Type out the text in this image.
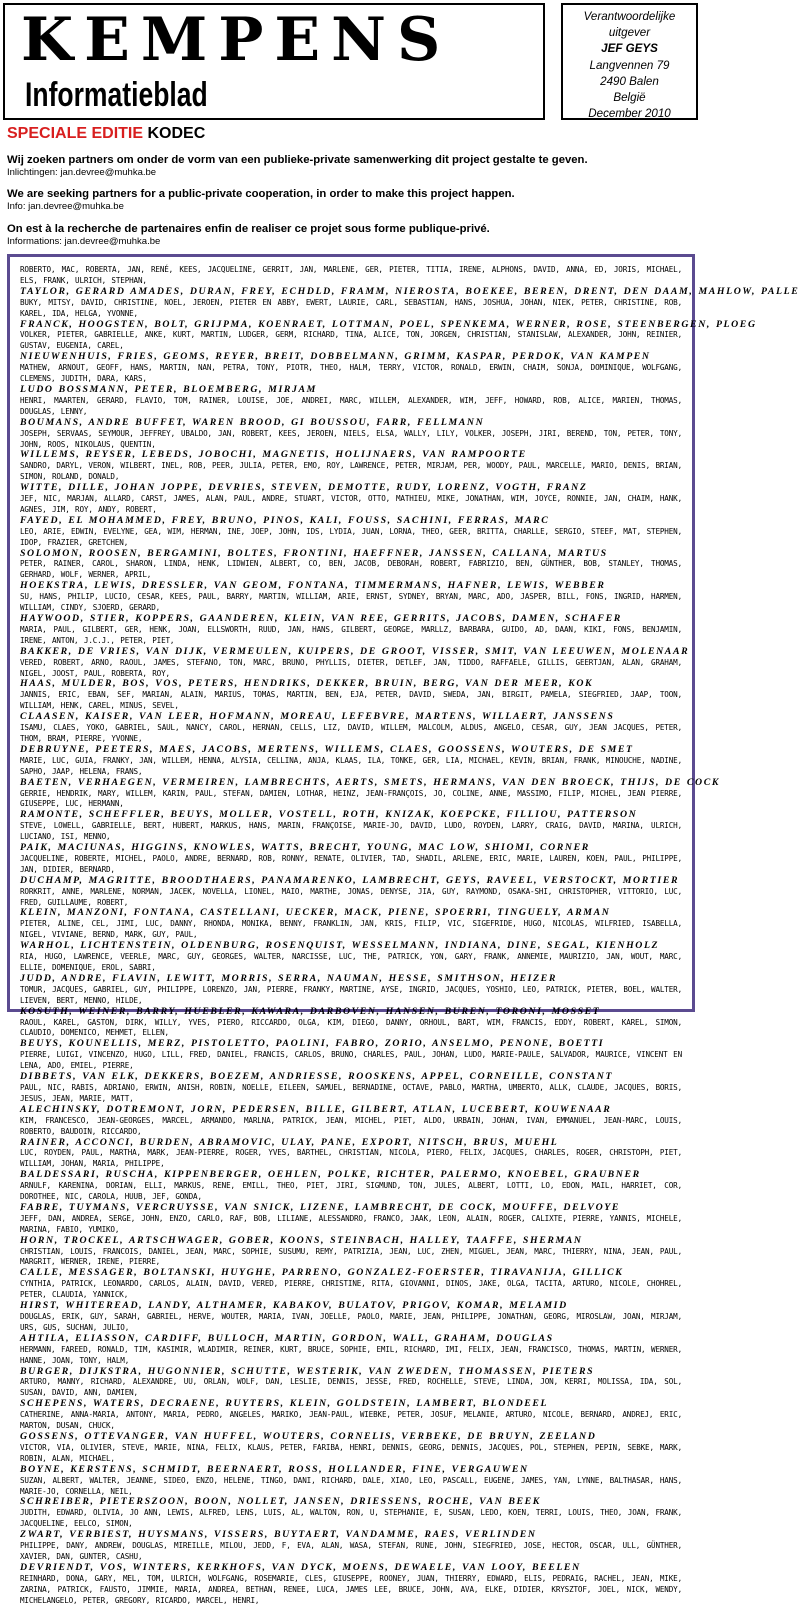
KEMPENS
Informatieblad
Verantwoordelijke uitgever
JEF GEYS
Langvennen 79
2490 Balen
België
December 2010
SPECIALE EDITIE KODEC
Wij zoeken partners om onder de vorm van een publieke-private samenwerking dit project gestalte te geven.
Inlichtingen: jan.devree@muhka.be
We are seeking partners for a public-private cooperation, in order to make this project happen.
Info: jan.devree@muhka.be
On est à la recherche de partenaires enfin de realiser ce projet sous forme publique-privé.
Informations: jan.devree@muhka.be
ROBERTO, MAC, ROBERTA, JAN, RENÉ, KEES, JACQUELINE, GERRIT, JAN, MARLENE, GER, PIETER, TITIA, IRENE, ALPHONS, DAVID, ANNA, ED, JORIS, MICHAEL, ELS, FRANK, ULRICH, STEPHAN,
TAYLOR, GERARD AMADES, DURAN, FREY, ECHDLD, FRAMM, NIEROSTA, BOEKEE, BEREN, DRENT, DEN DAAM, MAHLOW, PALLE
BUKY, MITSY, DAVID, CHRISTINE, NOEL, JEROEN, PIETER EN ABBY, EWERT, LAURIE, CARL, SEBASTIAN, HANS, JOSHUA, JOHAN, NIEK, PETER, CHRISTINE, ROB, KAREL, IDA, HELGA, YVONNE,
FRANCK, HOOGSTEN, BOLT, GRIJPMA, KOENRAET, LOTTMAN, POEL, SPENKEMA, WERNER, ROSE, STEENBERGEN, PLOEG
VOLKER, PIETER, GABRIELLE, ANKE, KURT, MARTIN, LUDGER, GERM, RICHARD, TINA, ALICE, TON, JORGEN, CHRISTIAN, STANISLAW, ALEXANDER, JOHN, REINIER, GUSTAV, EUGENIA, CAREL,
NIEUWENHUIS, FRIES, GEOMS, REYER, BREIT, DOBBELMANN, GRIMM, KASPAR, PERDOK, VAN KAMPEN
MATHEW, ARNOUT, GEOFF, HANS, MARTIN, NAN, PETRA, TONY, PIOTR, THEO, HALM, TERRY, VICTOR, RONALD, ERWIN, CHAIM, SONJA, DOMINIQUE, WOLFGANG, CLEMENS, JUDITH, DARA, KARS,
LUDO BOSSMANN, PETER, BLOEMBERG, MIRJAM
HENRI, MAARTEN, GERARD, FLAVIO, TOM, RAINER, LOUISE, JOE, ANDREI, MARC, WILLEM, ALEXANDER, WIM, JEFF, HOWARD, ROB, ALICE, MARIEN, THOMAS, DOUGLAS, LENNY,
BOUMANS, ANDRE BUFFET, WAREN BROOD, GI BOUSSOU, FARR, FELLMANN
JOSEPH, SERVAAS, SEYMOUR, JEFFREY, UBALDO, JAN, ROBERT, KEES, JEROEN, NIELS, ELSA, WALLY, LILY, VOLKER, JOSEPH, JIRI, BEREND, TON, PETER, TONY, JOHN, ROOS, NIKOLAUS, QUENTIN,
WILLEMS, REYSER, LEBEDS, JOBOCHI, MAGNETIS, HOLIJNAERS, VAN RAMPOORTE
SANDRO, DARYL, VERON, WILBERT, INEL, ROB, PEER, JULIA, PETER, EMO, ROY, LAWRENCE, PETER, MIRJAM, PER, WOODY, PAUL, MARCELLE, MARIO, DENIS, BRIAN, SIMON, ROLAND, DONALD,
WITTE, DILLE, JOHAN JOPPE, DEVRIES, STEVEN, DEMOTTE, RUDY, LORENZ, VOGTH, FRANZ
JEF, NIC, MARJAN, ALLARD, CARST, JAMES, ALAN, PAUL, ANDRE, STUART, VICTOR, OTTO, MATHIEU, MIKE, JONATHAN, WIM, JOYCE, RONNIE, JAN, CHAIM, HANK, AGNES, JIM, ROY, ANDY, ROBERT,
FAYED, EL MOHAMMED, FREY, BRUNO, PINOS, KALI, FOUSS, SACHINI, FERRAS, MARC
LEO, ARIE, EDWIN, EVELYNE, GEA, WIM, HERMAN, INE, JOEP, JOHN, IDS, LYDIA, JUAN, LORNA, THEO, GEER, BRITTA, CHARLLE, SERGIO, STEEF, MAT, STEPHEN, IDOP, FRAZIER, GRETCHEN,
SOLOMON, ROOSEN, BERGAMINI, BOLTES, FRONTINI, HAEFFNER, JANSSEN, CALLANA, MARTUS
PETER, RAINER, CAROL, SHARON, LINDA, HENK, LIDWIEN, ALBERT, CO, BEN, JACOB, DEBORAH, ROBERT, FABRIZIO, BEN, GÜNTHER, BOB, STANLEY, THOMAS, GERHARD, WOLF, WERNER, APRIL,
HOEKSTRA, LEWIS, DRESSLER, VAN GEOM, FONTANA, TIMMERMANS, HAFNER, LEWIS, WEBBER
SU, HANS, PHILIP, LUCIO, CESAR, KEES, PAUL, BARRY, MARTIN, WILLIAM, ARIE, ERNST, SYDNEY, BRYAN, MARC, ADO, JASPER, BILL, FONS, INGRID, HARMEN, WILLIAM, CINDY, SJOERD, GERARD,
HAYWOOD, STIER, KOPPERS, GAANDEREN, KLEIN, VAN REE, GERRITS, JACOBS, DAMEN, SCHAFER
MARIA, PAUL, GILBERT, GER, HENK, JOAN, ELLSWORTH, RUUD, JAN, HANS, GILBERT, GEORGE, MARLLZ, BARBARA, GUIDO, AD, DAAN, KIKI, FONS, BENJAMIN, IRENE, ANTON, J.C.J., PETER, PIET,
BAKKER, DE VRIES, VAN DIJK, VERMEULEN, KUIPERS, DE GROOT, VISSER, SMIT, VAN LEEUWEN, MOLENAAR
VERED, ROBERT, ARNO, RAOUL, JAMES, STEFANO, TON, MARC, BRUNO, PHYLLIS, DIETER, DETLEF, JAN, TIDDO, RAFFAELE, GILLIS, GEERTJAN, ALAN, GRAHAM, NIGEL, JOOST, PAUL, ROBERTA, ROY,
HAAS, MULDER, BOS, VOS, PETERS, HENDRIKS, DEKKER, BRUIN, BERG, VAN DER MEER, KOK
JANNIS, ERIC, EBAN, SEF, MARIAN, ALAIN, MARIUS, TOMAS, MARTIN, BEN, EJA, PETER, DAVID, SWEDA, JAN, BIRGIT, PAMELA, SIEGFRIED, JAAP, TOON, WILLIAM, HENK, CAREL, MINUS, SEVEL,
CLAASEN, KAISER, VAN LEER, HOFMANN, MOREAU, LEFEBVRE, MARTENS, WILLAERT, JANSSENS
ISAMU, CLAES, YOKO, GABRIEL, SAUL, NANCY, CAROL, HERNAN, CELLS, LIZ, DAVID, WILLEM, MALCOLM, ALDUS, ANGELO, CESAR, GUY, JEAN JACQUES, PETER, THOM, BRAM, PIERRE, YVONNE,
DEBRUYNE, PEETERS, MAES, JACOBS, MERTENS, WILLEMS, CLAES, GOOSSENS, WOUTERS, DE SMET
MARIE, LUC, GUIA, FRANKY, JAN, WILLEM, HENNA, ALYSIA, CELLINA, ANJA, KLAAS, ILA, TONKE, GER, LIA, MICHAEL, KEVIN, BRIAN, FRANK, MINOUCHE, NADINE, SAPHO, JAAP, HELENA, FRANS,
BAETEN, VERHAEGEN, VERMEIREN, LAMBRECHTS, AERTS, SMETS, HERMANS, VAN DEN BROECK, THIJS, DE COCK
GERRIE, HENDRIK, MARY, WILLEM, KARIN, PAUL, STEFAN, DAMIEN, LOTHAR, HEINZ, JEAN-FRANÇOIS, JO, COLINE, ANNE, MASSIMO, FILIP, MICHEL, JEAN PIERRE, GIUSEPPE, LUC, HERMANN,
RAMONTE, SCHEFFLER, BEUYS, MOLLER, VOSTELL, ROTH, KNIZAK, KOEPCKE, FILLIOU, PATTERSON
STEVE, LOWELL, GABRIELLE, BERT, HUBERT, MARKUS, HANS, MARIN, FRANÇOISE, MARIE-JO, DAVID, LUDO, ROYDEN, LARRY, CRAIG, DAVID, MARINA, ULRICH, LUCIANO, ISI, MENNO,
PAIK, MACIUNAS, HIGGINS, KNOWLES, WATTS, BRECHT, YOUNG, MAC LOW, SHIOMI, CORNER
JACQUELINE, ROBERTE, MICHEL, PAOLO, ANDRE, BERNARD, ROB, RONNY, RENATE, OLIVIER, TAD, SHADIL, ARLENE, ERIC, MARIE, LAUREN, KOEN, PAUL, PHILIPPE, JAN, DIDIER, BERNARD,
DUCHAMP, MAGRITTE, BROODTHAERS, PANAMARENKO, LAMBRECHT, GEYS, RAVEEL, VERSTOCKT, MORTIER
RORKRIT, ANNE, MARLENE, NORMAN, JACEK, NOVELLA, LIONEL, MAIO, MARTHE, JONAS, DENYSE, JIA, GUY, RAYMOND, OSAKA-SHI, CHRISTOPHER, VITTORIO, LUC, FRED, GUILLAUME, ROBERT,
KLEIN, MANZONI, FONTANA, CASTELLANI, UECKER, MACK, PIENE, SPOERRI, TINGUELY, ARMAN
PIETER, ALINE, CEL, JIMI, LUC, DANNY, RHONDA, MONIKA, BENNY, FRANKLIN, JAN, KRIS, FILIP, VIC, SIGEFRIDE, HUGO, NICOLAS, WILFRIED, ISABELLA, NIGEL, VIVIANE, BERND, MARK, GUY, PAUL,
WARHOL, LICHTENSTEIN, OLDENBURG, ROSENQUIST, WESSELMANN, INDIANA, DINE, SEGAL, KIENHOLZ
RIA, HUGO, LAWRENCE, VEERLE, MARC, GUY, GEORGES, WALTER, NARCISSE, LUC, THE, PATRICK, YON, GARY, FRANK, ANNEMIE, MAURIZIO, JAN, WOUT, MARC, ELLIE, DOMENIQUE, EROL, SABRI,
JUDD, ANDRE, FLAVIN, LEWITT, MORRIS, SERRA, NAUMAN, HESSE, SMITHSON, HEIZER
TOMUR, JACQUES, GABRIEL, GUY, PHILIPPE, LORENZO, JAN, PIERRE, FRANKY, MARTINE, AYSE, INGRID, JACQUES, YOSHIO, LEO, PATRICK, PIETER, BOEL, WALTER, LIEVEN, BERT, MENNO, HILDE,
KOSUTH, WEINER, BARRY, HUEBLER, KAWARA, DARBOVEN, HANSEN, BUREN, TORONI, MOSSET
RAOUL, KAREL, GASTON, DIRK, WILLY, YVES, PIERO, RICCARDO, OLGA, KIM, DIEGO, DANNY, ORHOUL, BART, WIM, FRANCIS, EDDY, ROBERT, KAREL, SIMON, CLAUDIO, DOMENICO, MEHMET, ELLEN,
BEUYS, KOUNELLIS, MERZ, PISTOLETTO, PAOLINI, FABRO, ZORIO, ANSELMO, PENONE, BOETTI
PIERRE, LUIGI, VINCENZO, HUGO, LILL, FRED, DANIEL, FRANCIS, CARLOS, BRUNO, CHARLES, PAUL, JOHAN, LUDO, MARIE-PAULE, SALVADOR, MAURICE, VINCENT EN LENA, ADO, EMIEL, PIERRE,
DIBBETS, VAN ELK, DEKKERS, BOEZEM, ANDRIESSE, ROOSKENS, APPEL, CORNEILLE, CONSTANT
PAUL, NIC, RABIS, ADRIANO, ERWIN, ANISH, ROBIN, NOELLE, EILEEN, SAMUEL, BERNADINE, OCTAVE, PABLO, MARTHA, UMBERTO, ALLK, CLAUDE, JACQUES, BORIS, JESUS, JEAN, MARIE, MATT,
ALECHINSKY, DOTREMONT, JORN, PEDERSEN, BILLE, GILBERT, ATLAN, LUCEBERT, KOUWENAAR
KIM, FRANCESCO, JEAN-GEORGES, MARCEL, ARMANDO, MARLNA, PATRICK, JEAN, MICHEL, PIET, ALDO, URBAIN, JOHAN, IVAN, EMMANUEL, JEAN-MARC, LOUIS, ROBERTO, BAUDOIN, RICCARDO,
RAINER, ACCONCI, BURDEN, ABRAMOVIC, ULAY, PANE, EXPORT, NITSCH, BRUS, MUEHL
LUC, ROYDEN, PAUL, MARTHA, MARK, JEAN-PIERRE, ROGER, YVES, BARTHEL, CHRISTIAN, NICOLA, PIERO, FELIX, JACQUES, CHARLES, ROGER, CHRISTOPH, PIET, WILLIAM, JOHAN, MARIA, PHILIPPE,
BALDESSARI, RUSCHA, KIPPENBERGER, OEHLEN, POLKE, RICHTER, PALERMO, KNOEBEL, GRAUBNER
ARNULF, KARENINA, DORIAN, ELLI, MARKUS, RENE, EMILL, THEO, PIET, JIRI, SIGMUND, TON, JULES, ALBERT, LOTTI, LO, EDON, MAIL, HARRIET, COR, DOROTHEE, NIC, CAROLA, HUUB, JEF, GONDA,
FABRE, TUYMANS, VERCRUYSSE, VAN SNICK, LIZENE, LAMBRECHT, DE COCK, MOUFFE, DELVOYE
JEFF, DAN, ANDREA, SERGE, JOHN, ENZO, CARLO, RAF, BOB, LILIANE, ALESSANDRO, FRANCO, JAAK, LEON, ALAIN, ROGER, CALIXTE, PIERRE, YANNIS, MICHELE, MARINA, FABIO, YUMIKO,
HORN, TROCKEL, ARTSCHWAGER, GOBER, KOONS, STEINBACH, HALLEY, TAAFFE, SHERMAN
CHRISTIAN, LOUIS, FRANCOIS, DANIEL, JEAN, MARC, SOPHIE, SUSUMU, REMY, PATRIZIA, JEAN, LUC, ZHEN, MIGUEL, JEAN, MARC, THIERRY, NINA, JEAN, PAUL, MARGRIT, WERNER, IRENE, PIERRE,
CALLE, MESSAGER, BOLTANSKI, HUYGHE, PARRENO, GONZALEZ-FOERSTER, TIRAVANIJA, GILLICK
CYNTHIA, PATRICK, LEONARDO, CARLOS, ALAIN, DAVID, VERED, PIERRE, CHRISTINE, RITA, GIOVANNI, DINOS, JAKE, OLGA, TACITA, ARTURO, NICOLE, CHOHREL, PETER, CLAUDIA, YANNICK,
HIRST, WHITEREAD, LANDY, ALTHAMER, KABAKOV, BULATOV, PRIGOV, KOMAR, MELAMID
DOUGLAS, ERIK, GUY, SARAH, GABRIEL, HERVE, WOUTER, MARIA, IVAN, JOELLE, PAOLO, MARIE, JEAN, PHILIPPE, JONATHAN, GEORG, MIROSLAW, JOAN, MIRJAM, URS, GUS, SUCHAN, JULIO,
AHTILA, ELIASSON, CARDIFF, BULLOCH, MARTIN, GORDON, WALL, GRAHAM, DOUGLAS
HERMANN, FAREED, RONALD, TIM, KASIMIR, WLADIMIR, REINER, KURT, BRUCE, SOPHIE, EMIL, RICHARD, IMI, FELIX, JEAN, FRANCISCO, THOMAS, MARTIN, WERNER, HANNE, JOAN, TONY, HALM,
BURGER, DIJKSTRA, HUGONNIER, SCHUTTE, WESTERIK, VAN ZWEDEN, THOMASSEN, PIETERS
ARTURO, MANNY, RICHARD, ALEXANDRE, UU, ORLAN, WOLF, DAN, LESLIE, DENNIS, JESSE, FRED, ROCHELLE, STEVE, LINDA, JON, KERRI, MOLISSA, IDA, SOL, SUSAN, DAVID, ANN, DAMIEN,
SCHEPENS, WATERS, DECRAENE, RUYTERS, KLEIN, GOLDSTEIN, LAMBERT, BLONDEEL
CATHERINE, ANNA-MARIA, ANTONY, MARIA, PEDRO, ANGELES, MARIKO, JEAN-PAUL, WIEBKE, PETER, JOSUF, MELANIE, ARTURO, NICOLE, BERNARD, ANDREJ, ERIC, MARTON, DUSAN, CHUCK,
GOSSENS, OTTEVANGER, VAN HUFFEL, WOUTERS, CORNELIS, VERBEKE, DE BRUYN, ZEELAND
VICTOR, VIA, OLIVIER, STEVE, MARIE, NINA, FELIX, KLAUS, PETER, FARIBA, HENRI, DENNIS, GEORG, DENNIS, JACQUES, POL, STEPHEN, PEPIN, SEBKE, MARK, ROBIN, ALAN, MICHAEL,
BOYNE, KERSTENS, SCHMIDT, BEERNAERT, ROSS, HOLLANDER, FINE, VERGAUWEN
SUZAN, ALBERT, WALTER, JEANNE, SIDEO, ENZO, HELENE, TINGO, DANI, RICHARD, DALE, XIAO, LEO, PASCALL, EUGENE, JAMES, YAN, LYNNE, BALTHASAR, HANS, MARIE-JO, CORNELLA, NEIL,
SCHREIBER, PIETERSZOON, BOON, NOLLET, JANSEN, DRIESSENS, ROCHE, VAN BEEK
JUDITH, EDWARD, OLIVIA, JO ANN, LEWIS, ALFRED, LENS, LUIS, AL, WALTON, RON, U, STEPHANIE, E, SUSAN, LEDO, KOEN, TERRI, LOUIS, THEO, JOAN, FRANK, JACQUELINE, EELCO, SIMON,
ZWART, VERBIEST, HUYSMANS, VISSERS, BUYTAERT, VANDAMME, RAES, VERLINDEN
PHILIPPE, DANY, ANDREW, DOUGLAS, MIREILLE, MILOU, JEDD, F, EVA, ALAN, WASA, STEFAN, RUNE, JOHN, SIEGFRIED, JOSE, HECTOR, OSCAR, ULL, GÜNTHER, XAVIER, DAN, GUNTER, CASHU,
DEVRIENDT, VOS, WINTERS, KERKHOFS, VAN DYCK, MOENS, DEWAELE, VAN LOOY, BEELEN
REINHARD, DONA, GARY, MEL, TOM, ULRICH, WOLFGANG, ROSEMARIE, CLES, GIUSEPPE, ROONEY, JUAN, THIERRY, EDWARD, ELIS, PEDRAIG, RACHEL, JEAN, MIKE, ZARINA, PATRICK, FAUSTO, JIMMIE, MARIA, ANDREA, BETHAN, RENEE, LUCA, JAMES LEE, BRUCE, JOHN, AVA, ELKE, DIDIER, KRYSZTOF, JOEL, NICK, WENDY, MICHELANGELO, PETER, GREGORY, RICARDO, MARCEL, HENRI,
